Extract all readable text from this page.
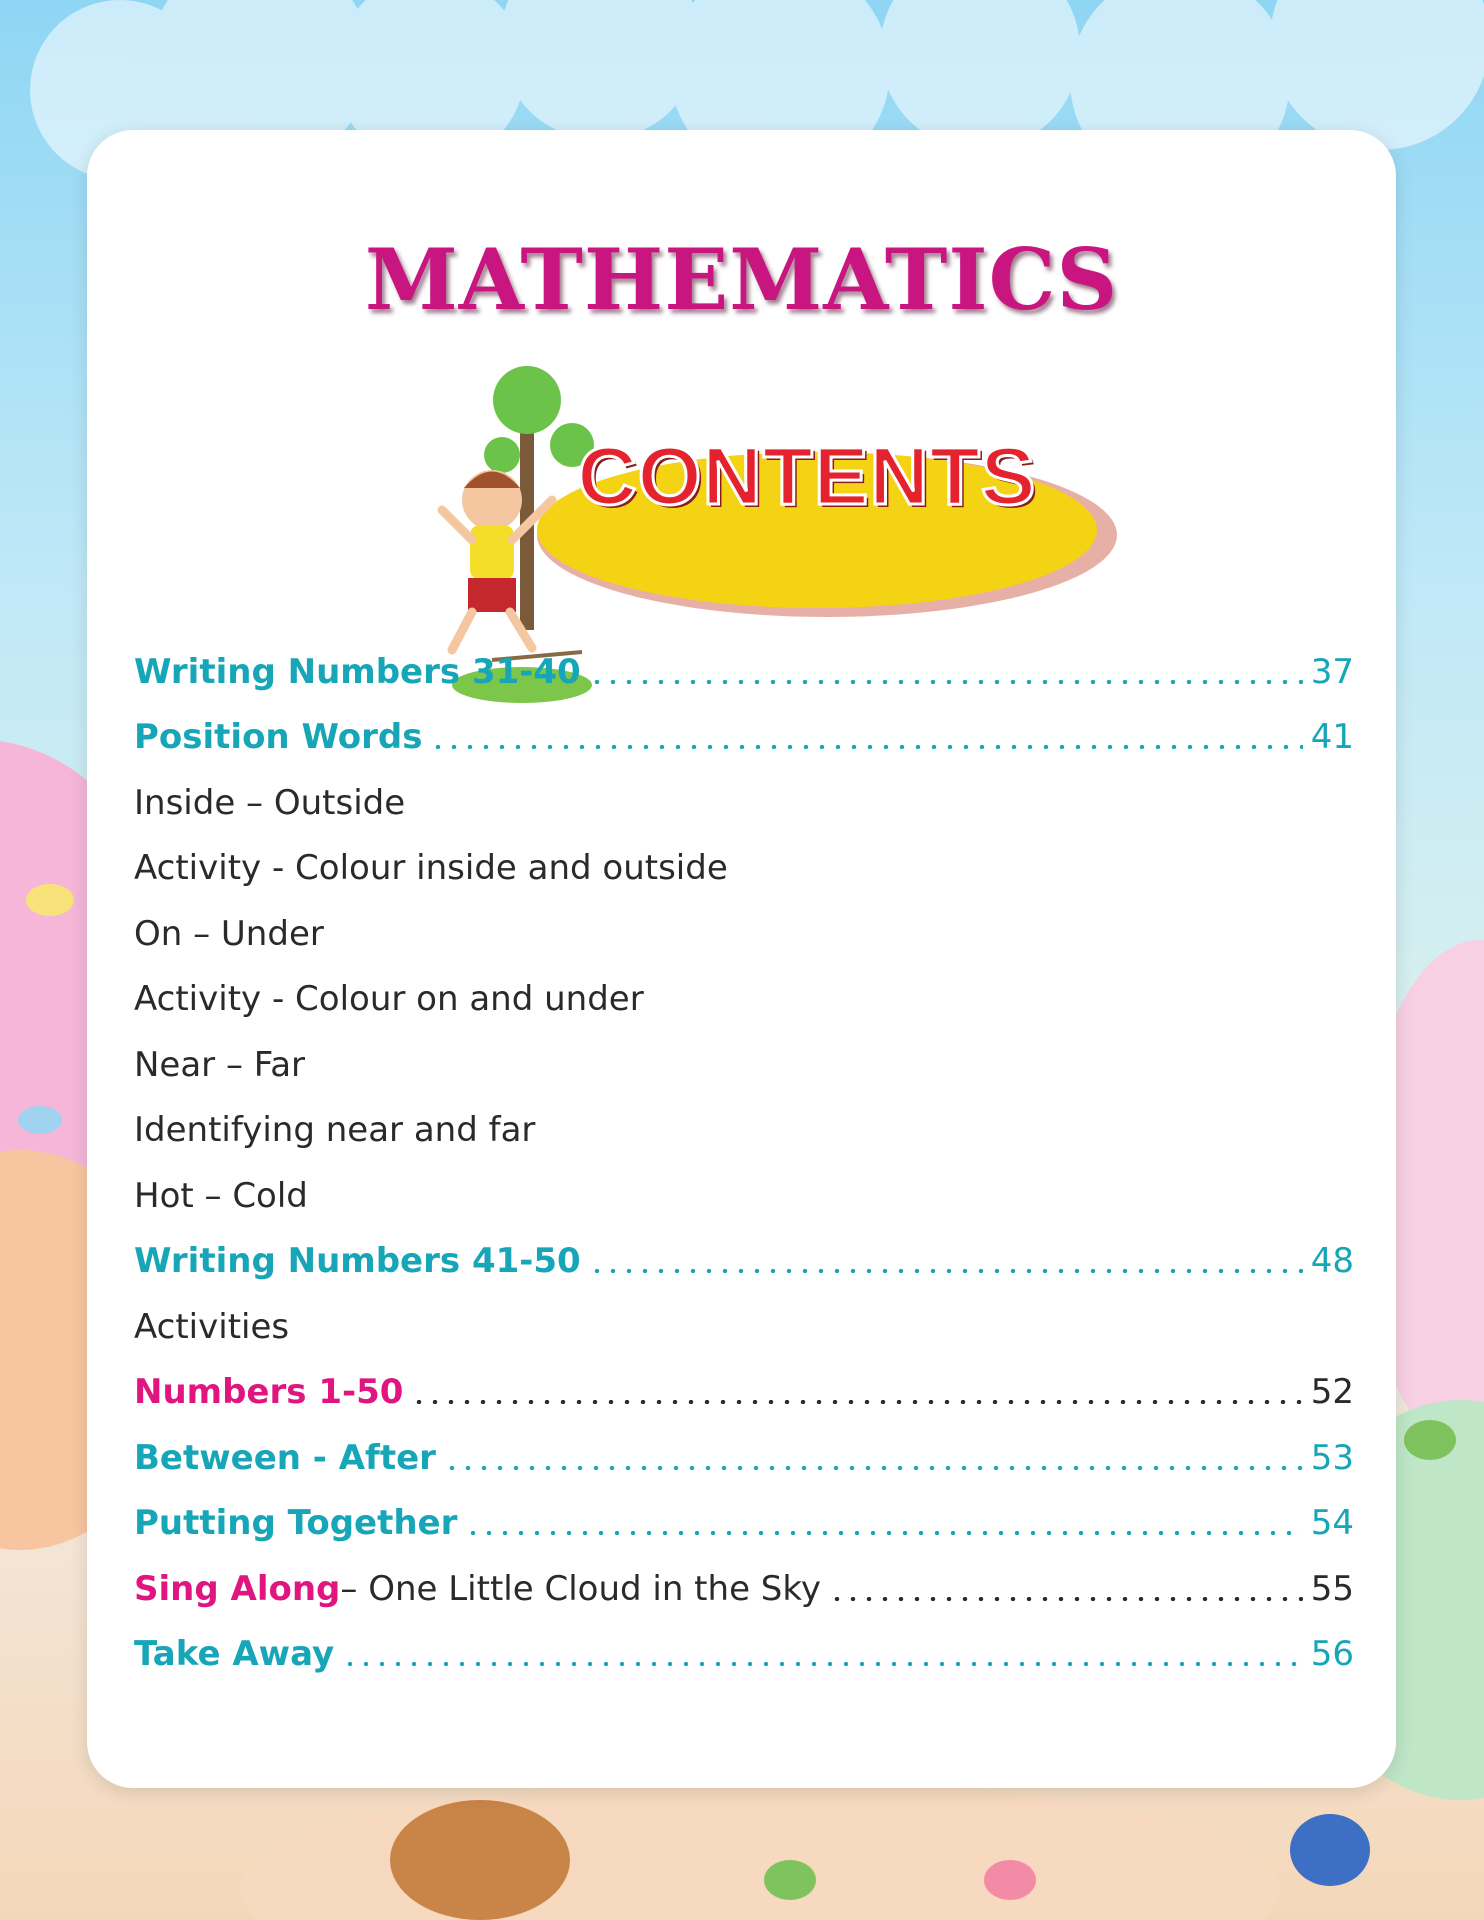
MATHEMATICS
CONTENTS
Writing Numbers 31-40	37
Position Words	41
Inside – Outside
Activity - Colour inside and outside
On – Under
Activity - Colour on and under
Near – Far
Identifying near and far
Hot – Cold
Writing Numbers 41-50	48
Activities
Numbers 1-50	52
Between - After	53
Putting Together	54
Sing Along – One Little Cloud in the Sky	55
Take Away	56
